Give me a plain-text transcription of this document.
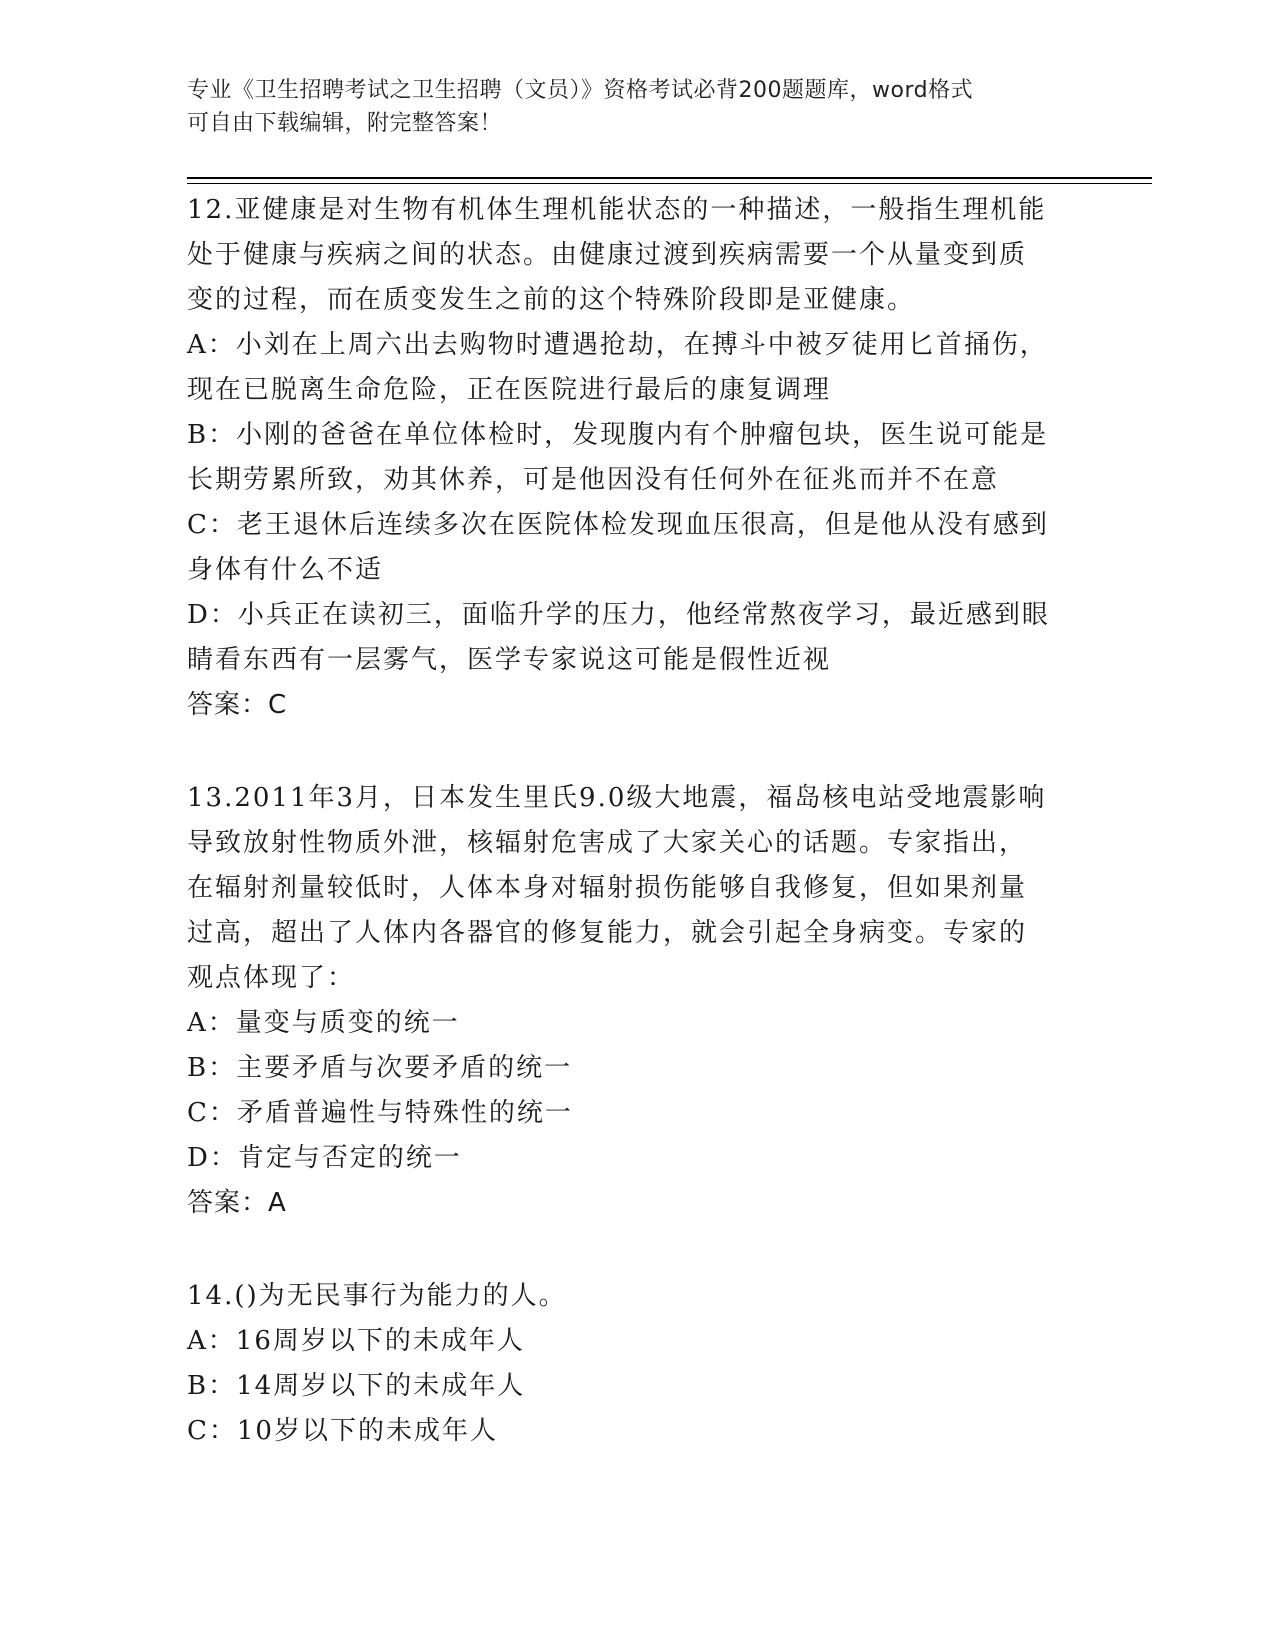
专业《卫生招聘考试之卫生招聘（文员）》资格考试必背200题题库，word格式
可自由下载编辑，附完整答案！
12.亚健康是对生物有机体生理机能状态的一种描述，一般指生理机能
处于健康与疾病之间的状态。由健康过渡到疾病需要一个从量变到质
变的过程，而在质变发生之前的这个特殊阶段即是亚健康。
A：小刘在上周六出去购物时遭遇抢劫，在搏斗中被歹徒用匕首捅伤，
现在已脱离生命危险，正在医院进行最后的康复调理
B：小刚的爸爸在单位体检时，发现腹内有个肿瘤包块，医生说可能是
长期劳累所致，劝其休养，可是他因没有任何外在征兆而并不在意
C：老王退休后连续多次在医院体检发现血压很高，但是他从没有感到
身体有什么不适
D：小兵正在读初三，面临升学的压力，他经常熬夜学习，最近感到眼
睛看东西有一层雾气，医学专家说这可能是假性近视
答案：C
13.2011年3月，日本发生里氏9.0级大地震，福岛核电站受地震影响
导致放射性物质外泄，核辐射危害成了大家关心的话题。专家指出，
在辐射剂量较低时，人体本身对辐射损伤能够自我修复，但如果剂量
过高，超出了人体内各器官的修复能力，就会引起全身病变。专家的
观点体现了：
A：量变与质变的统一
B：主要矛盾与次要矛盾的统一
C：矛盾普遍性与特殊性的统一
D：肯定与否定的统一
答案：A
14.()为无民事行为能力的人。
A：16周岁以下的未成年人
B：14周岁以下的未成年人
C：10岁以下的未成年人
